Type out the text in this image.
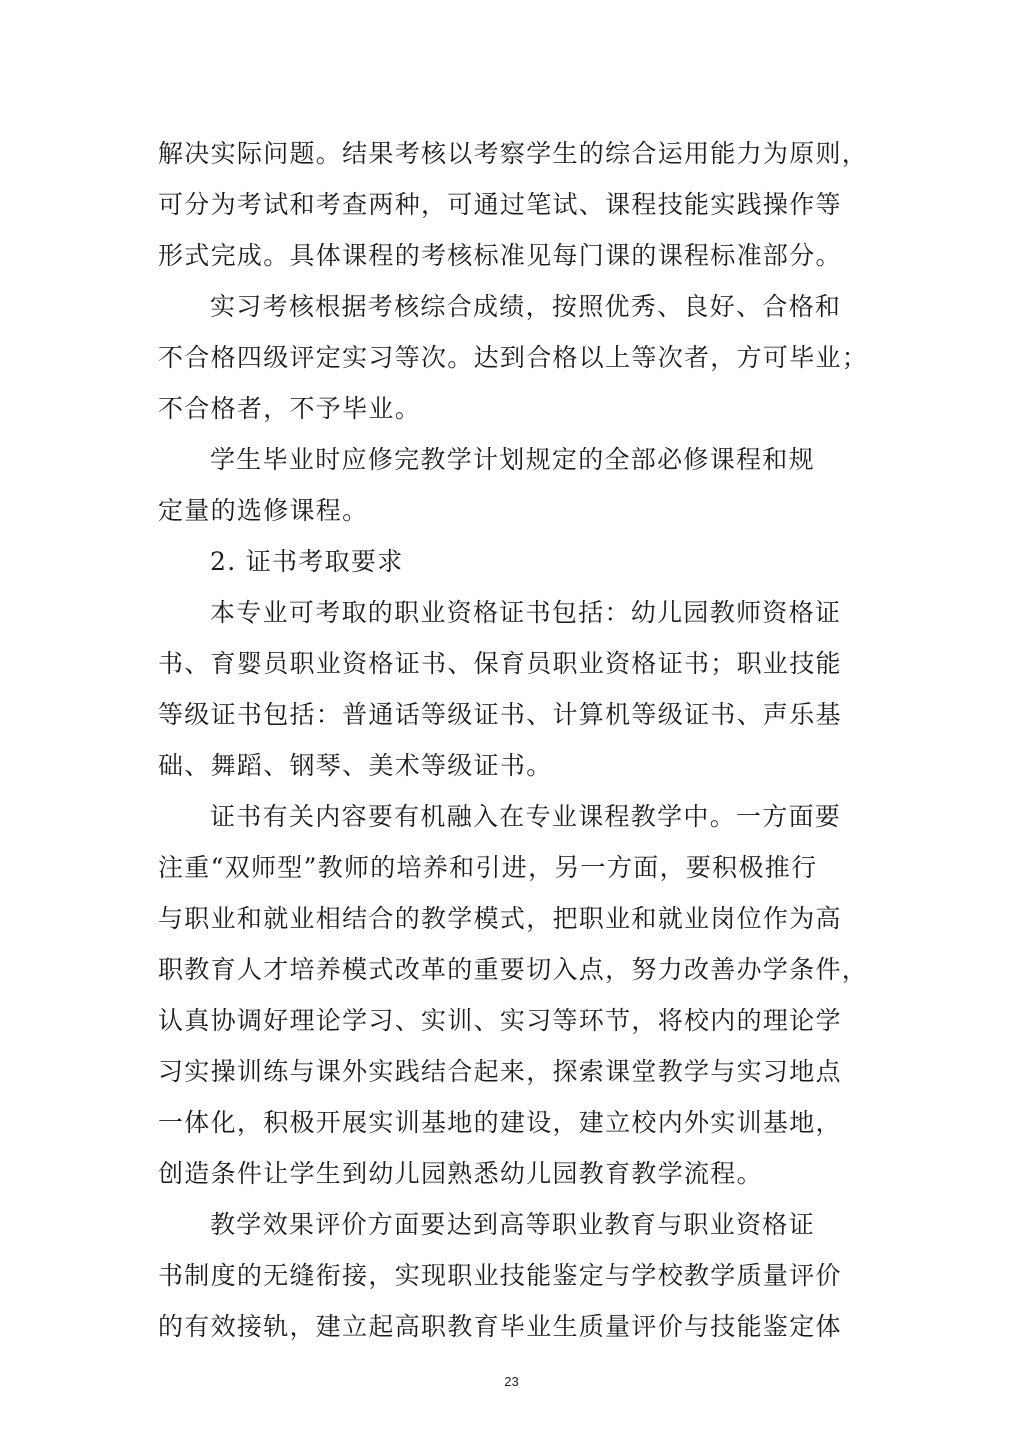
解决实际问题。结果考核以考察学生的综合运用能力为原则，
可分为考试和考查两种，可通过笔试、课程技能实践操作等
形式完成。具体课程的考核标准见每门课的课程标准部分。
实习考核根据考核综合成绩，按照优秀、良好、合格和
不合格四级评定实习等次。达到合格以上等次者，方可毕业；
不合格者，不予毕业。
学生毕业时应修完教学计划规定的全部必修课程和规
定量的选修课程。
2. 证书考取要求
本专业可考取的职业资格证书包括：幼儿园教师资格证
书、育婴员职业资格证书、保育员职业资格证书；职业技能
等级证书包括：普通话等级证书、计算机等级证书、声乐基
础、舞蹈、钢琴、美术等级证书。
证书有关内容要有机融入在专业课程教学中。一方面要
注重“双师型”教师的培养和引进，另一方面，要积极推行
与职业和就业相结合的教学模式，把职业和就业岗位作为高
职教育人才培养模式改革的重要切入点，努力改善办学条件，
认真协调好理论学习、实训、实习等环节，将校内的理论学
习实操训练与课外实践结合起来，探索课堂教学与实习地点
一体化，积极开展实训基地的建设，建立校内外实训基地，
创造条件让学生到幼儿园熟悉幼儿园教育教学流程。
教学效果评价方面要达到高等职业教育与职业资格证
书制度的无缝衔接，实现职业技能鉴定与学校教学质量评价
的有效接轨，建立起高职教育毕业生质量评价与技能鉴定体
23
